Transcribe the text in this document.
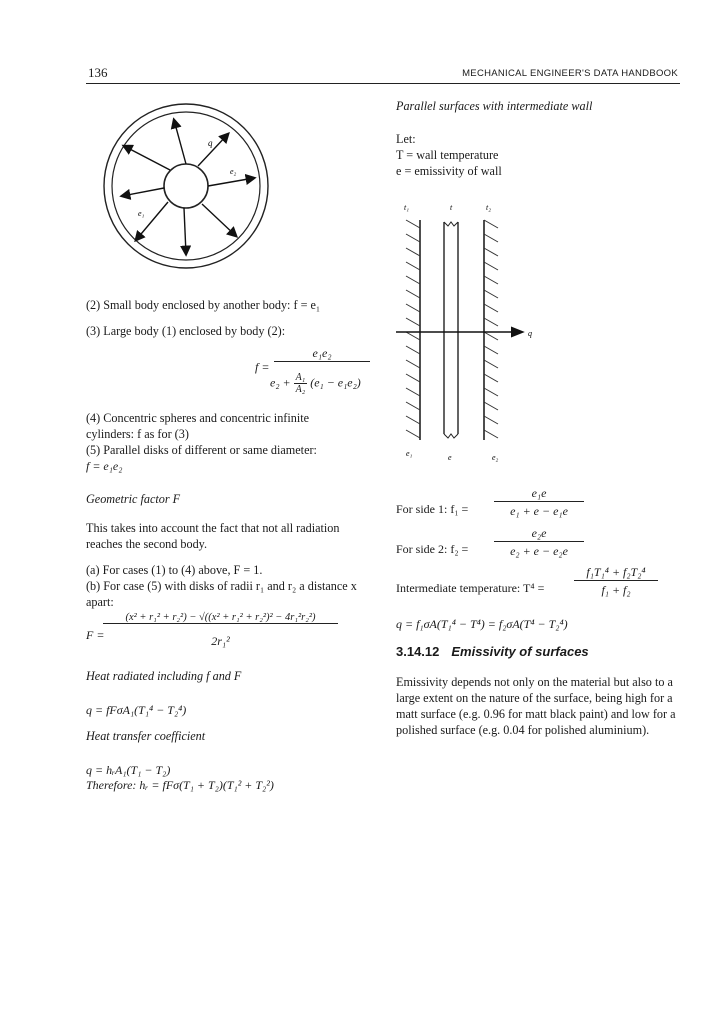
136	MECHANICAL ENGINEER'S DATA HANDBOOK
q
e₂
e₁
(2) Small body enclosed by another body: f = e₁
(3) Large body (1) enclosed by body (2):
f =
e₁e₂
$e_2 + \frac{\text{A₁}}{\text{A₂}} (e_1 - e_1e_2)$
(4) Concentric spheres and concentric infinite cylinders: f as for (3)
(5) Parallel disks of different or same diameter:
f = e₁e₂
Geometric factor F
This takes into account the fact that not all radiation reaches the second body.
(a) For cases (1) to (4) above, F = 1.
(b) For case (5) with disks of radii r₁ and r₂ a distance x apart:
F =
(x² + r₁² + r₂²) − √((x² + r₁² + r₂²)² − 4r₁²r₂²)
2r₁²
Heat radiated including f and F
q = fFσA₁(T₁⁴ − T₂⁴)
Heat transfer coefficient
q = hᵣA₁(T₁ − T₂)
Therefore: hᵣ = fFσ(T₁ + T₂)(T₁² + T₂²)
Parallel surfaces with intermediate wall
Let:
T = wall temperature
e = emissivity of wall
t₁	t	t₂
q
e₁	e	e₂
For side 1: f₁ =
e₁e
e₁ + e − e₁e
For side 2: f₂ =
e₂e
e₂ + e − e₂e
Intermediate temperature: T⁴ =
f₁T₁⁴ + f₂T₂⁴
f₁ + f₂
q = f₁σA(T₁⁴ − T⁴) = f₂σA(T⁴ − T₂⁴)
3.14.12 Emissivity of surfaces
Emissivity depends not only on the material but also to a large extent on the nature of the surface, being high for a matt surface (e.g. 0.96 for matt black paint) and low for a polished surface (e.g. 0.04 for polished aluminium).
